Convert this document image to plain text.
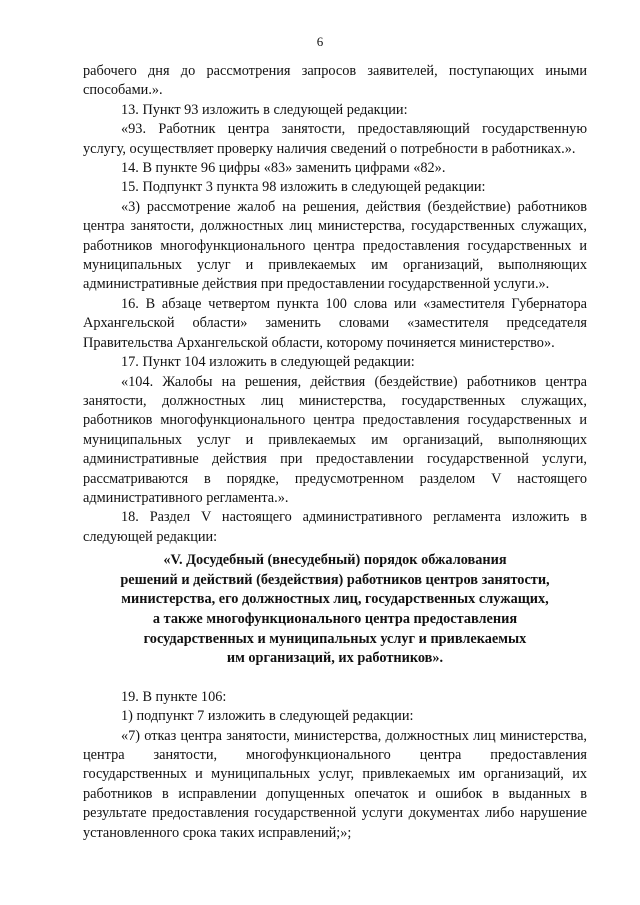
6

рабочего дня до рассмотрения запросов заявителей, поступающих иными способами.».

13. Пункт 93 изложить в следующей редакции:

«93. Работник центра занятости, предоставляющий государственную услугу, осуществляет проверку наличия сведений о потребности в работниках.».

14. В пункте 96 цифры «83» заменить цифрами «82».

15. Подпункт 3 пункта 98 изложить в следующей редакции:

«3) рассмотрение жалоб на решения, действия (бездействие) работников центра занятости, должностных лиц министерства, государственных служащих, работников многофункционального центра предоставления государственных и муниципальных услуг и привлекаемых им организаций, выполняющих административные действия при предоставлении государственной услуги.».

16. В абзаце четвертом пункта 100 слова или «заместителя Губернатора Архангельской области» заменить словами «заместителя председателя Правительства Архангельской области, которому починяется министерство».

17. Пункт 104 изложить в следующей редакции:

«104. Жалобы на решения, действия (бездействие) работников центра занятости, должностных лиц министерства, государственных служащих, работников многофункционального центра предоставления государственных и муниципальных услуг и привлекаемых им организаций, выполняющих административные действия при предоставлении государственной услуги, рассматриваются в порядке, предусмотренном разделом V настоящего административного регламента.».

18. Раздел V настоящего административного регламента изложить в следующей редакции:

«V. Досудебный (внесудебный) порядок обжалования
решений и действий (бездействия) работников центров занятости,
министерства, его должностных лиц, государственных служащих,
а также многофункционального центра предоставления
государственных и муниципальных услуг и привлекаемых
им организаций, их работников».

19. В пункте 106:

1) подпункт 7 изложить в следующей редакции:

«7) отказ центра занятости, министерства, должностных лиц министерства, центра занятости, многофункционального центра предоставления государственных и муниципальных услуг, привлекаемых им организаций, их работников в исправлении допущенных опечаток и ошибок в выданных в результате предоставления государственной услуги документах либо нарушение установленного срока таких исправлений;»;
